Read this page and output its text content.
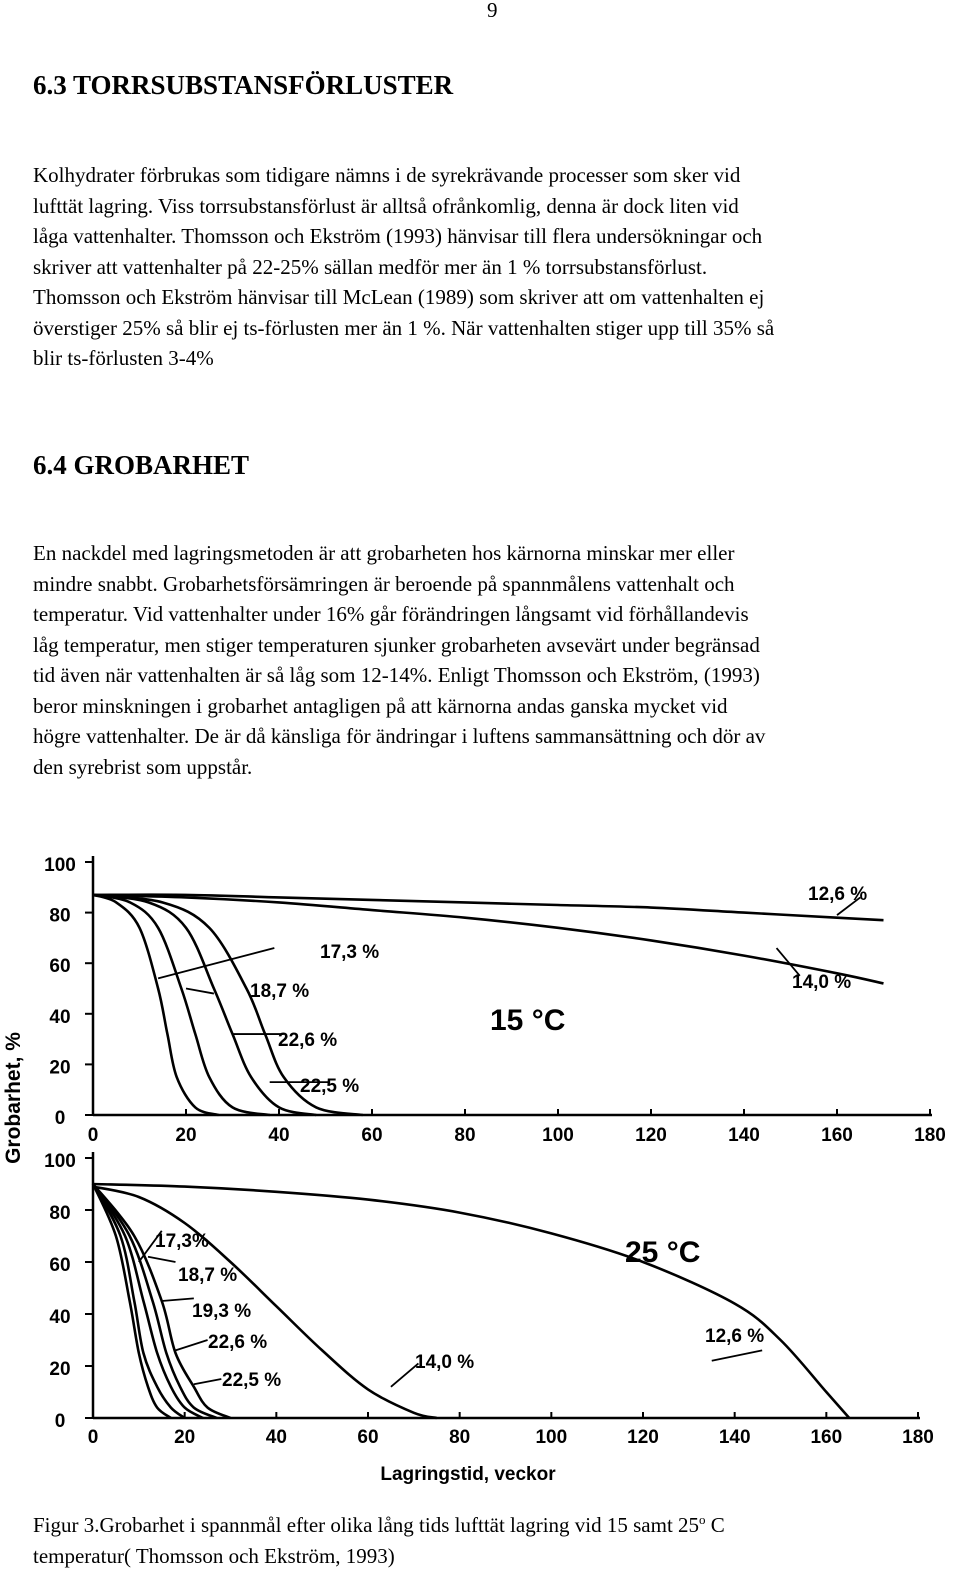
9
6.3 TORRSUBSTANSFÖRLUSTER

Kolhydrater förbrukas som tidigare nämns i de syrekrävande processer som sker vid
lufttät lagring. Viss torrsubstansförlust är alltså ofrånkomlig, denna är dock liten vid
låga vattenhalter. Thomsson och Ekström (1993) hänvisar till flera undersökningar och
skriver att vattenhalter på 22-25% sällan medför mer än 1 % torrsubstansförlust.
Thomsson och Ekström hänvisar till McLean (1989) som skriver att om vattenhalten ej
överstiger 25% så blir ej ts-förlusten mer än 1 %. När vattenhalten stiger upp till 35% så
blir ts-förlusten 3-4%

6.4 GROBARHET

En nackdel med lagringsmetoden är att grobarheten hos kärnorna minskar mer eller
mindre snabbt. Grobarhetsförsämringen är beroende på spannmålens vattenhalt och
temperatur. Vid vattenhalter under 16% går förändringen långsamt vid förhållandevis
låg temperatur, men stiger temperaturen sjunker grobarheten avsevärt under begränsad
tid även när vattenhalten är så låg som 12-14%. Enligt Thomsson och Ekström, (1993)
beror minskningen i grobarhet antagligen på att kärnorna andas ganska mycket vid
högre vattenhalter. De är då känsliga för ändringar i luftens sammansättning och dör av
den syrebrist som uppstår.

0
20
40
60
80
100
0	20	40	60	80	100	120	140	160	180
12,6 %
14,0 %
17,3 %
18,7 %
22,6 %
22,5 %
15 °C
0
20
40
60
80
100
0	20	40	60	80	100	120	140	160	180
12,6 %
14,0 %
17,3%
18,7 %
19,3 %
22,6 %
22,5 %
25 °C
Lagringstid, veckor
Grobarhet, %

Figur 3.Grobarhet i spannmål efter olika lång tids lufttät lagring vid 15 samt 25$^o$ C
temperatur( Thomsson och Ekström, 1993)
